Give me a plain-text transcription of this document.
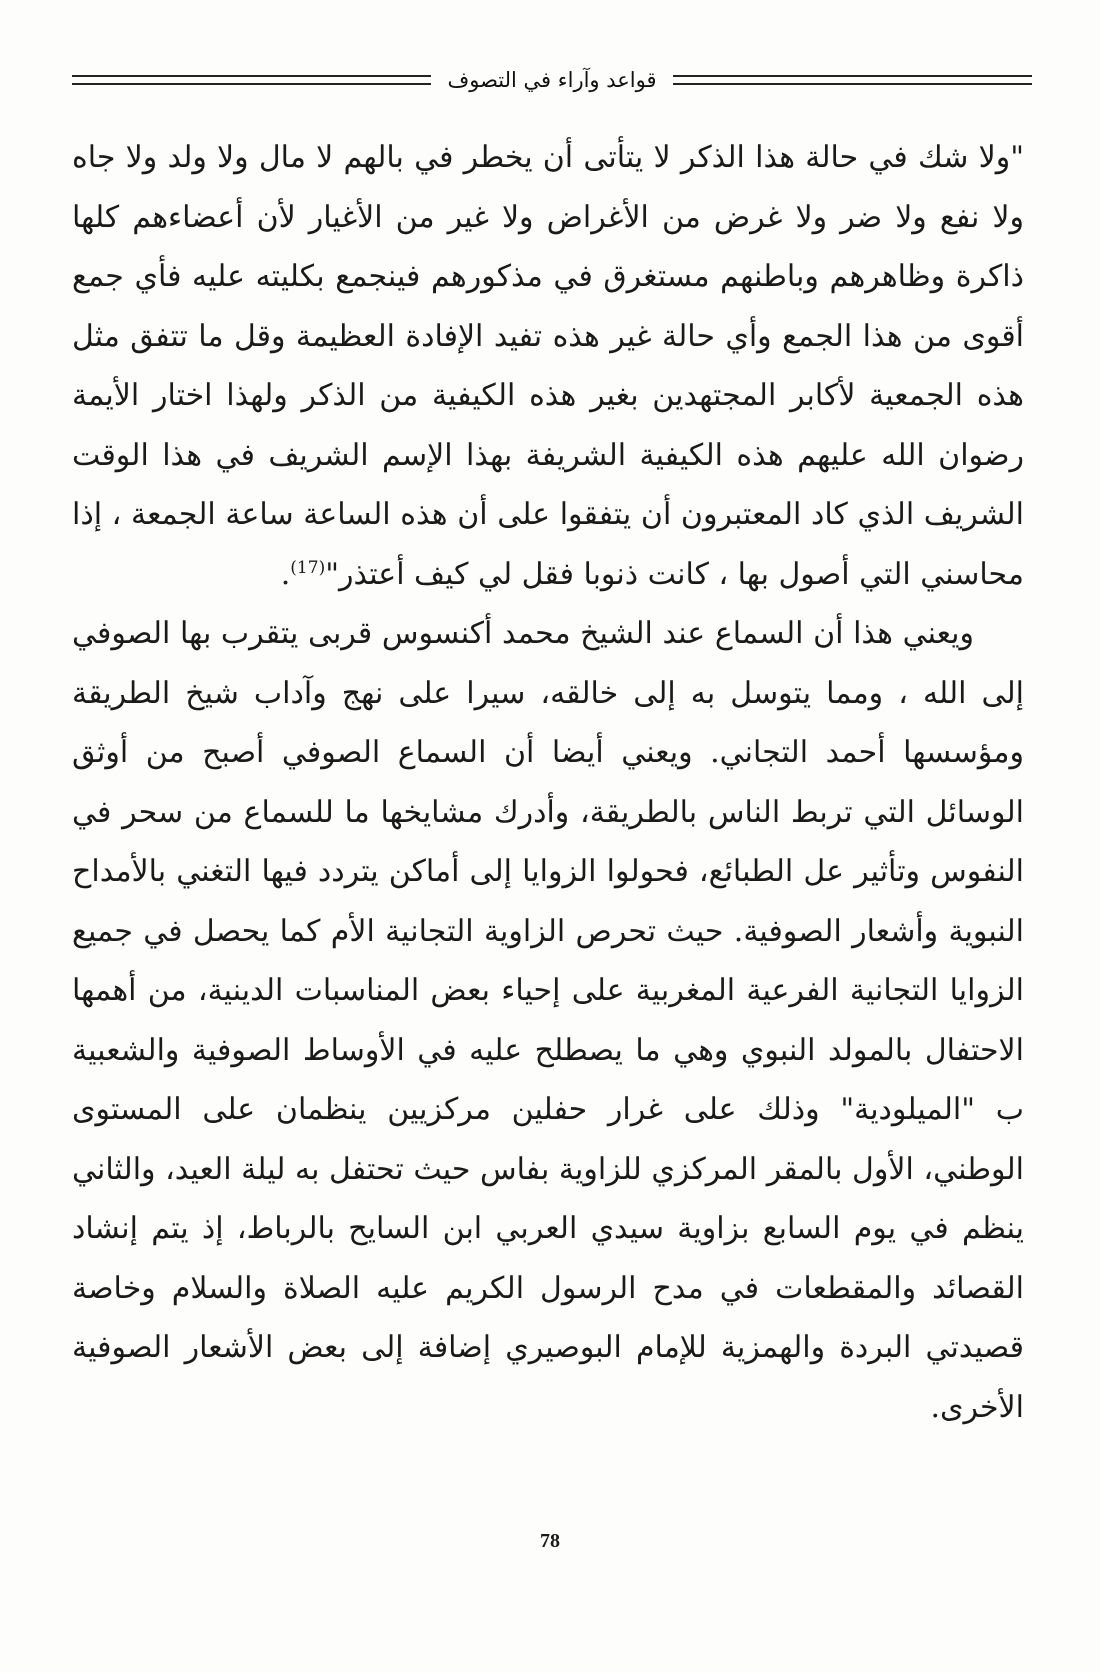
قواعد وآراء في التصوف

"ولا شك في حالة هذا الذكر لا يتأتى أن يخطر في بالهم لا مال ولا ولد ولا جاه ولا نفع ولا ضر ولا غرض من الأغراض ولا غير من الأغيار لأن أعضاءهم كلها ذاكرة وظاهرهم وباطنهم مستغرق في مذكورهم فينجمع بكليته عليه فأي جمع أقوى من هذا الجمع وأي حالة غير هذه تفيد الإفادة العظيمة وقل ما تتفق مثل هذه الجمعية لأكابر المجتهدين بغير هذه الكيفية من الذكر ولهذا اختار الأيمة رضوان الله عليهم هذه الكيفية الشريفة بهذا الإسم الشريف في هذا الوقت الشريف الذي كاد المعتبرون أن يتفقوا على أن هذه الساعة ساعة الجمعة ، إذا محاسني التي أصول بها ، كانت ذنوبا فقل لي كيف أعتذر"$^{(17)}$.

ويعني هذا أن السماع عند الشيخ محمد أكنسوس قربى يتقرب بها الصوفي إلى الله ، ومما يتوسل به إلى خالقه، سيرا على نهج وآداب شيخ الطريقة ومؤسسها أحمد التجاني. ويعني أيضا أن السماع الصوفي أصبح من أوثق الوسائل التي تربط الناس بالطريقة، وأدرك مشايخها ما للسماع من سحر في النفوس وتأثير عل الطبائع، فحولوا الزوايا إلى أماكن يتردد فيها التغني بالأمداح النبوية وأشعار الصوفية. حيث تحرص الزاوية التجانية الأم كما يحصل في جميع الزوايا التجانية الفرعية المغربية على إحياء بعض المناسبات الدينية، من أهمها الاحتفال بالمولد النبوي وهي ما يصطلح عليه في الأوساط الصوفية والشعبية ب "الميلودية" وذلك على غرار حفلين مركزيين ينظمان على المستوى الوطني، الأول بالمقر المركزي للزاوية بفاس حيث تحتفل به ليلة العيد، والثاني ينظم في يوم السابع بزاوية سيدي العربي ابن السايح بالرباط، إذ يتم إنشاد القصائد والمقطعات في مدح الرسول الكريم عليه الصلاة والسلام وخاصة قصيدتي البردة والهمزية للإمام البوصيري إضافة إلى بعض الأشعار الصوفية الأخرى.

78
